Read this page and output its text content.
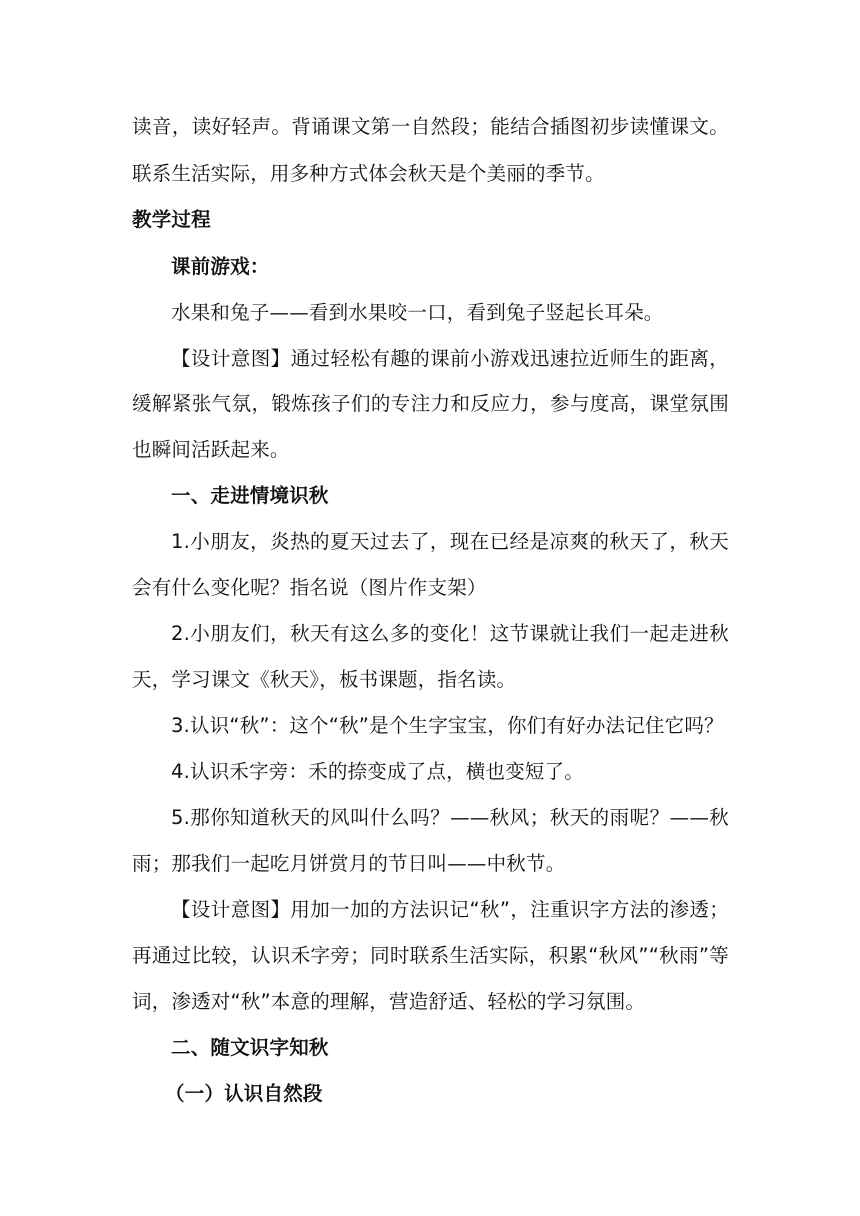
读音，读好轻声。背诵课文第一自然段；能结合插图初步读懂课文。

联系生活实际，用多种方式体会秋天是个美丽的季节。

教学过程

课前游戏：

水果和兔子——看到水果咬一口，看到兔子竖起长耳朵。

【设计意图】通过轻松有趣的课前小游戏迅速拉近师生的距离，

缓解紧张气氛，锻炼孩子们的专注力和反应力，参与度高，课堂氛围

也瞬间活跃起来。

一、走进情境识秋

1.小朋友，炎热的夏天过去了，现在已经是凉爽的秋天了，秋天

会有什么变化呢？指名说（图片作支架）

2.小朋友们，秋天有这么多的变化！这节课就让我们一起走进秋

天，学习课文《秋天》，板书课题，指名读。

3.认识“秋”：这个“秋”是个生字宝宝，你们有好办法记住它吗？

4.认识禾字旁：禾的捺变成了点，横也变短了。

5.那你知道秋天的风叫什么吗？——秋风；秋天的雨呢？——秋

雨；那我们一起吃月饼赏月的节日叫——中秋节。

【设计意图】用加一加的方法识记“秋”，注重识字方法的渗透；

再通过比较，认识禾字旁；同时联系生活实际，积累“秋风”“秋雨”等

词，渗透对“秋”本意的理解，营造舒适、轻松的学习氛围。

二、随文识字知秋

（一）认识自然段
